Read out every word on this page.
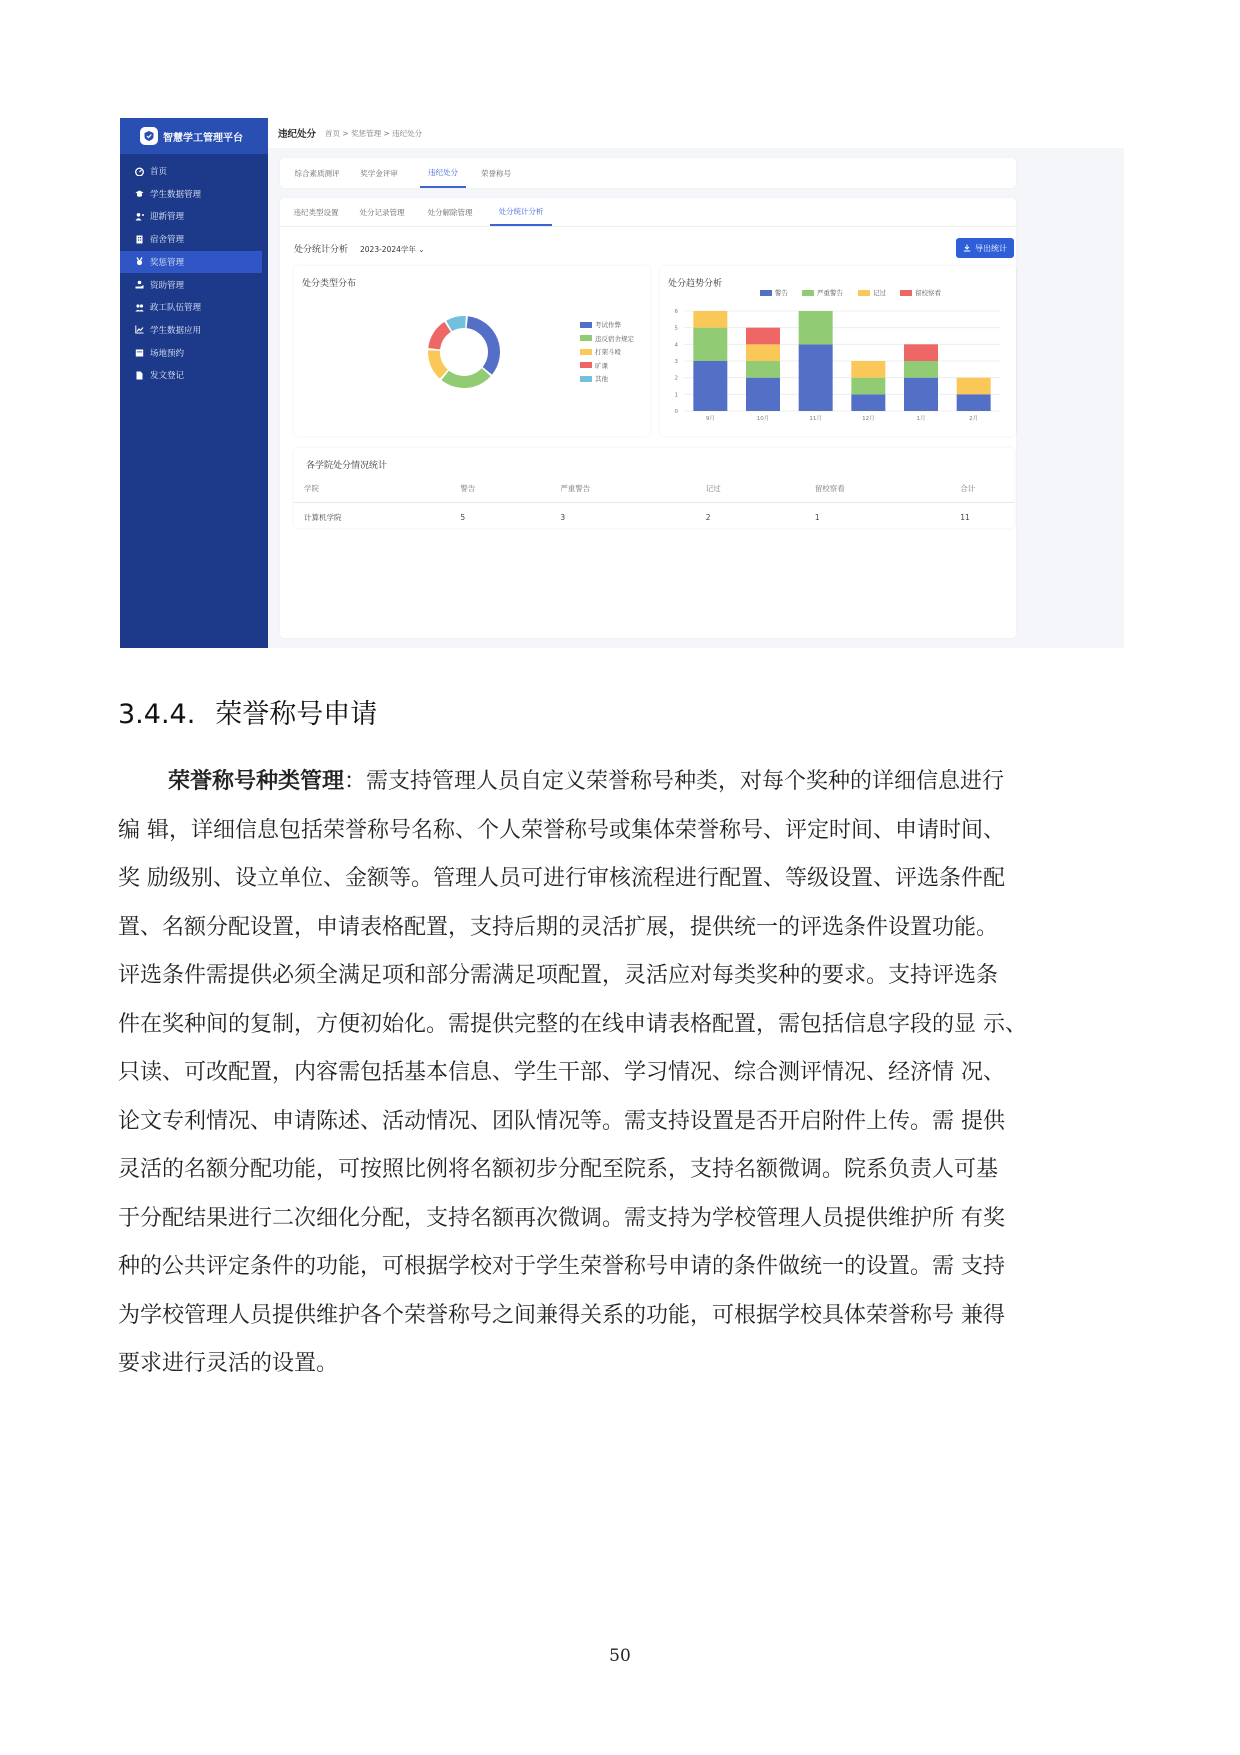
智慧学工管理平台
首页
学生数据管理
迎新管理
宿舍管理
奖惩管理
资助管理
政工队伍管理
学生数据应用
场地预约
发文登记
违纪处分 首页 > 奖惩管理 > 违纪处分
综合素质测评	奖学金评审	违纪处分	荣誉称号
违纪类型设置	处分记录管理	处分解除管理	处分统计分析
处分统计分析 2023-2024学年 ⌄	导出统计
处分类型分布
考试作弊
违反宿舍规定
打架斗殴
旷课
其他
处分趋势分析
警告	严重警告	记过	留校察看
0
1
2
3
4
5
6
9月	10月	11月	12月	1月	2月
各学院处分情况统计
学院	警告	严重警告	记过	留校察看	合计
计算机学院	5	3	2	1	11
3.4.4. 荣誉称号申请
荣誉称号种类管理：需支持管理人员自定义荣誉称号种类，对每个奖种的详细信息进行
编 辑，详细信息包括荣誉称号名称、个人荣誉称号或集体荣誉称号、评定时间、申请时间、
奖 励级别、设立单位、金额等。管理人员可进行审核流程进行配置、等级设置、评选条件配
置、名额分配设置，申请表格配置，支持后期的灵活扩展，提供统一的评选条件设置功能。
评选条件需提供必须全满足项和部分需满足项配置，灵活应对每类奖种的要求。支持评选条
件在奖种间的复制，方便初始化。需提供完整的在线申请表格配置，需包括信息字段的显 示、
只读、可改配置，内容需包括基本信息、学生干部、学习情况、综合测评情况、经济情 况、
论文专利情况、申请陈述、活动情况、团队情况等。需支持设置是否开启附件上传。需 提供
灵活的名额分配功能，可按照比例将名额初步分配至院系，支持名额微调。院系负责人可基
于分配结果进行二次细化分配，支持名额再次微调。需支持为学校管理人员提供维护所 有奖
种的公共评定条件的功能，可根据学校对于学生荣誉称号申请的条件做统一的设置。需 支持
为学校管理人员提供维护各个荣誉称号之间兼得关系的功能，可根据学校具体荣誉称号 兼得
要求进行灵活的设置。
50
